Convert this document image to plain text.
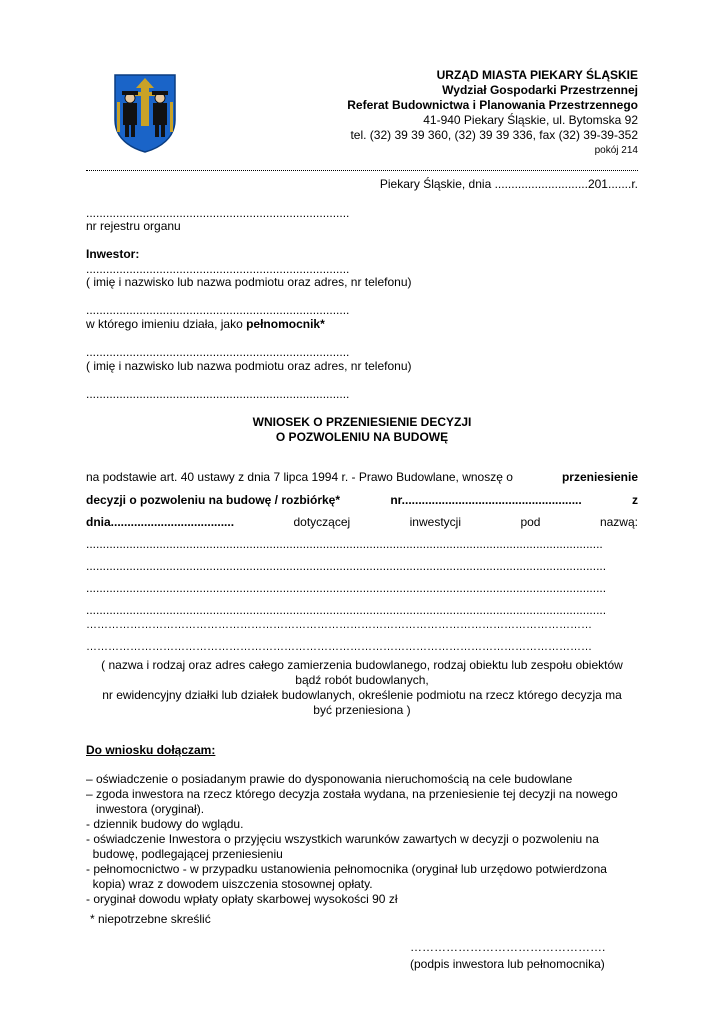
URZĄD MIASTA PIEKARY ŚLĄSKIE
Wydział Gospodarki Przestrzennej
Referat Budownictwa i Planowania Przestrzennego
41-940 Piekary Śląskie, ul. Bytomska 92
tel. (32) 39 39 360, (32) 39 39 336, fax (32) 39-39-352
pokój 214
Piekary Śląskie, dnia ............................201.......r.
...............................................................................
nr rejestru organu
Inwestor:
...............................................................................
( imię i nazwisko lub nazwa podmiotu oraz adres, nr telefonu)
...............................................................................
w którego imieniu działa, jako pełnomocnik*
...............................................................................
( imię i nazwisko lub nazwa podmiotu oraz adres, nr telefonu)
...............................................................................
WNIOSEK O PRZENIESIENIE DECYZJI
O POZWOLENIU NA BUDOWĘ
na podstawie art. 40 ustawy z dnia 7 lipca 1994 r. - Prawo Budowlane, wnoszę o	przeniesienie
decyzji o pozwoleniu na budowę / rozbiórkę*	nr......................................................	z
dnia.....................................	dotyczącej	inwestycji	pod	nazwą:
...........................................................................................................................................................
............................................................................................................................................................
............................................................................................................................................................
............................................................................................................................................................
…………………………………………………………………………………………………………………………
…………………………………………………………………………………………………………………………
( nazwa i rodzaj oraz adres całego zamierzenia budowlanego, rodzaj obiektu lub zespołu obiektów
bądź robót budowlanych,
nr ewidencyjny działki lub działek budowlanych, określenie podmiotu na rzecz którego decyzja ma
być przeniesiona )
Do wniosku dołączam:
– oświadczenie o posiadanym prawie do dysponowania nieruchomością na cele budowlane
– zgoda inwestora na rzecz którego decyzja została wydana, na przeniesienie tej decyzji na nowego
inwestora (oryginał).
- dziennik budowy do wglądu.
- oświadczenie Inwestora o przyjęciu wszystkich warunków zawartych w decyzji o pozwoleniu na
budowę, podlegającej przeniesieniu
- pełnomocnictwo - w przypadku ustanowienia pełnomocnika (oryginał lub urzędowo potwierdzona
kopia) wraz z dowodem uiszczenia stosownej opłaty.
- oryginał dowodu wpłaty opłaty skarbowej wysokości 90 zł
* niepotrzebne skreślić
………………………………………….
(podpis inwestora lub pełnomocnika)
